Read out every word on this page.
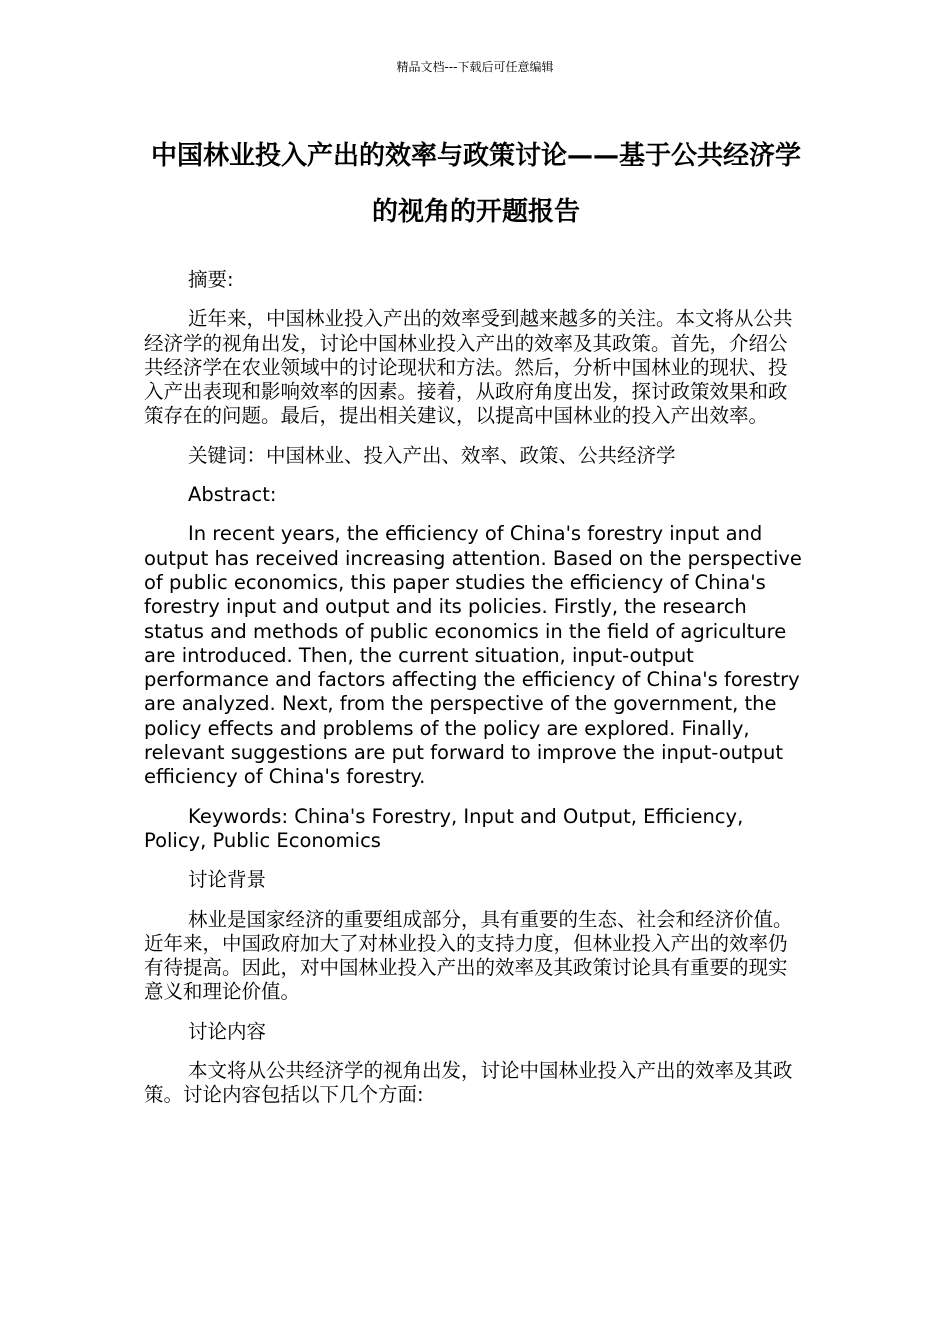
精品文档---下载后可任意编辑
中国林业投入产出的效率与政策讨论——基于公共经济学的视角的开题报告

摘要:

近年来，中国林业投入产出的效率受到越来越多的关注。本文将从公共经济学的视角出发，讨论中国林业投入产出的效率及其政策。首先，介绍公共经济学在农业领域中的讨论现状和方法。然后，分析中国林业的现状、投入产出表现和影响效率的因素。接着，从政府角度出发，探讨政策效果和政策存在的问题。最后，提出相关建议，以提高中国林业的投入产出效率。

关键词：中国林业、投入产出、效率、政策、公共经济学

Abstract:

In recent years, the efficiency of China's forestry input and output has received increasing attention. Based on the perspective of public economics, this paper studies the efficiency of China's forestry input and output and its policies. Firstly, the research status and methods of public economics in the field of agriculture are introduced. Then, the current situation, input-output performance and factors affecting the efficiency of China's forestry are analyzed. Next, from the perspective of the government, the policy effects and problems of the policy are explored. Finally, relevant suggestions are put forward to improve the input-output efficiency of China's forestry.

Keywords: China's Forestry, Input and Output, Efficiency, Policy, Public Economics

讨论背景

林业是国家经济的重要组成部分，具有重要的生态、社会和经济价值。近年来，中国政府加大了对林业投入的支持力度，但林业投入产出的效率仍有待提高。因此，对中国林业投入产出的效率及其政策讨论具有重要的现实意义和理论价值。

讨论内容

本文将从公共经济学的视角出发，讨论中国林业投入产出的效率及其政策。讨论内容包括以下几个方面:
